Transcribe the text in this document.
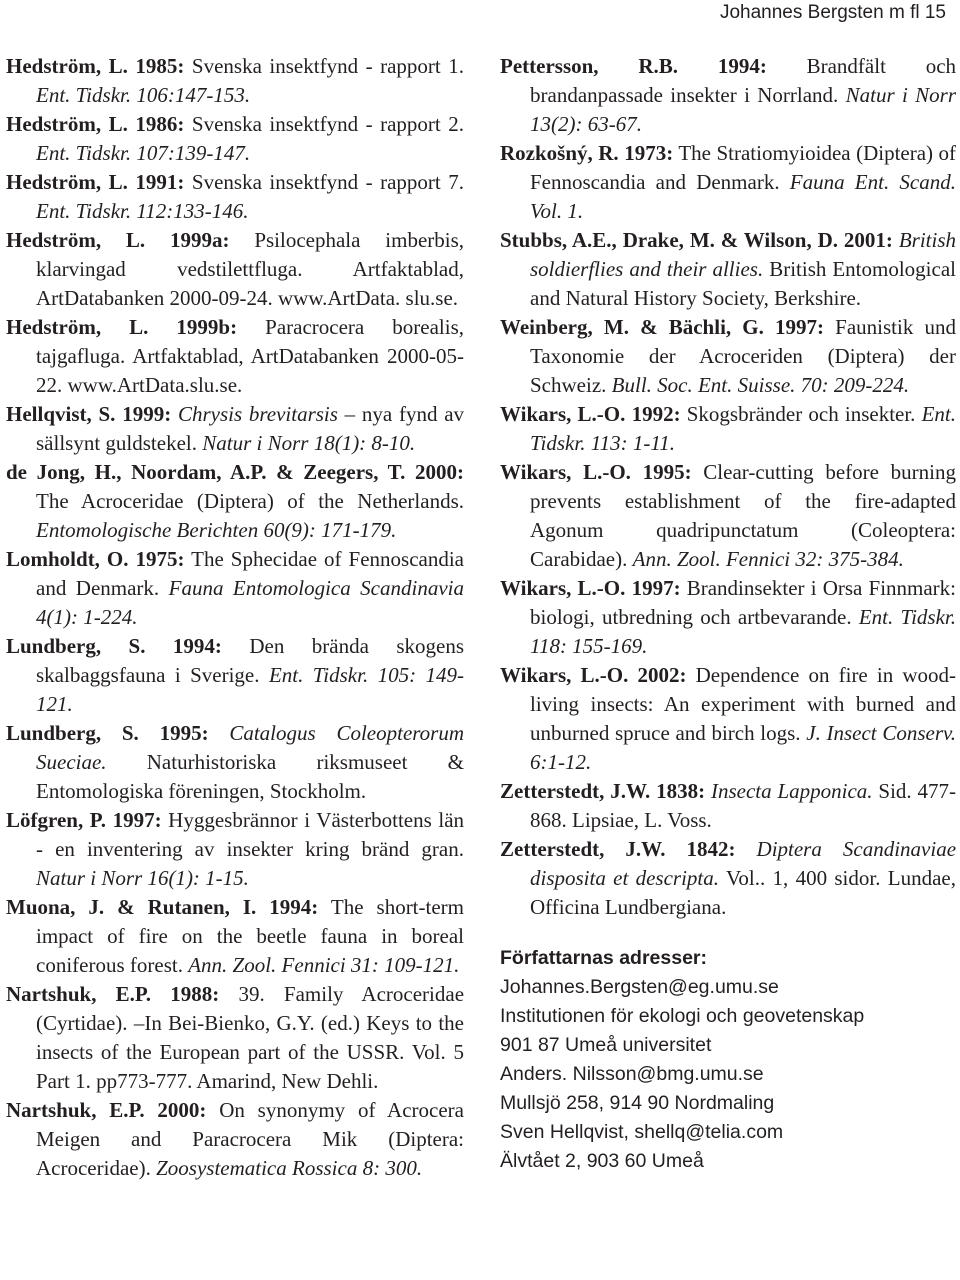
Johannes Bergsten m fl 15
Hedström, L. 1985: Svenska insektfynd - rapport 1. Ent. Tidskr. 106:147-153.
Hedström, L. 1986: Svenska insektfynd - rapport 2. Ent. Tidskr. 107:139-147.
Hedström, L. 1991: Svenska insektfynd - rapport 7. Ent. Tidskr. 112:133-146.
Hedström, L. 1999a: Psilocephala imberbis, klarvingad vedstilettfluga. Artfaktablad, ArtDatabanken 2000-09-24. www.ArtData. slu.se.
Hedström, L. 1999b: Paracrocera borealis, tajgafluga. Artfaktablad, ArtDatabanken 2000-05-22. www.ArtData.slu.se.
Hellqvist, S. 1999: Chrysis brevitarsis – nya fynd av sällsynt guldstekel. Natur i Norr 18(1): 8-10.
de Jong, H., Noordam, A.P. & Zeegers, T. 2000: The Acroceridae (Diptera) of the Netherlands. Entomologische Berichten 60(9): 171-179.
Lomholdt, O. 1975: The Sphecidae of Fennoscandia and Denmark. Fauna Entomologica Scandinavia 4(1): 1-224.
Lundberg, S. 1994: Den brända skogens skalbaggsfauna i Sverige. Ent. Tidskr. 105: 149-121.
Lundberg, S. 1995: Catalogus Coleopterorum Sueciae. Naturhistoriska riksmuseet & Entomologiska föreningen, Stockholm.
Löfgren, P. 1997: Hyggesbrännor i Västerbottens län - en inventering av insekter kring bränd gran. Natur i Norr 16(1): 1-15.
Muona, J. & Rutanen, I. 1994: The short-term impact of fire on the beetle fauna in boreal coniferous forest. Ann. Zool. Fennici 31: 109-121.
Nartshuk, E.P. 1988: 39. Family Acroceridae (Cyrtidae). –In Bei-Bienko, G.Y. (ed.) Keys to the insects of the European part of the USSR. Vol. 5 Part 1. pp773-777. Amarind, New Dehli.
Nartshuk, E.P. 2000: On synonymy of Acrocera Meigen and Paracrocera Mik (Diptera: Acroceridae). Zoosystematica Rossica 8: 300.
Pettersson, R.B. 1994: Brandfält och brandanpassade insekter i Norrland. Natur i Norr 13(2): 63-67.
Rozkošný, R. 1973: The Stratiomyioidea (Diptera) of Fennoscandia and Denmark. Fauna Ent. Scand. Vol. 1.
Stubbs, A.E., Drake, M. & Wilson, D. 2001: British soldierflies and their allies. British Entomological and Natural History Society, Berkshire.
Weinberg, M. & Bächli, G. 1997: Faunistik und Taxonomie der Acroceriden (Diptera) der Schweiz. Bull. Soc. Ent. Suisse. 70: 209-224.
Wikars, L.-O. 1992: Skogsbränder och insekter. Ent. Tidskr. 113: 1-11.
Wikars, L.-O. 1995: Clear-cutting before burning prevents establishment of the fire-adapted Agonum quadripunctatum (Coleoptera: Carabidae). Ann. Zool. Fennici 32: 375-384.
Wikars, L.-O. 1997: Brandinsekter i Orsa Finnmark: biologi, utbredning och artbevarande. Ent. Tidskr. 118: 155-169.
Wikars, L.-O. 2002: Dependence on fire in wood-living insects: An experiment with burned and unburned spruce and birch logs. J. Insect Conserv. 6:1-12.
Zetterstedt, J.W. 1838: Insecta Lapponica. Sid. 477-868. Lipsiae, L. Voss.
Zetterstedt, J.W. 1842: Diptera Scandinaviae disposita et descripta. Vol.. 1, 400 sidor. Lundae, Officina Lundbergiana.
Författarnas adresser:
Johannes.Bergsten@eg.umu.se
Institutionen för ekologi och geovetenskap
901 87 Umeå universitet
Anders. Nilsson@bmg.umu.se
Mullsjö 258, 914 90 Nordmaling
Sven Hellqvist, shellq@telia.com
Älvtået 2, 903 60 Umeå
